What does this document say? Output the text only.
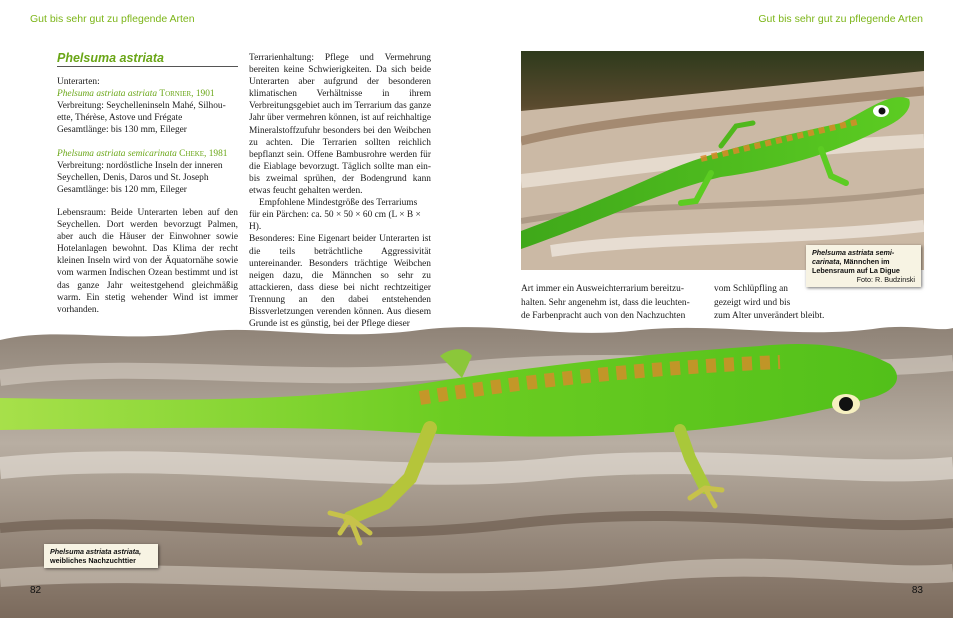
Gut bis sehr gut zu pflegende Arten	Gut bis sehr gut zu pflegende Arten
Phelsuma astriata

Unterarten:

Phelsuma astriata astriata Tornier, 1901

Verbreitung: Seychelleninseln Mahé, Silhou-

ette, Thérèse, Astove und Frégate

Gesamtlänge: bis 130 mm, Eileger

Phelsuma astriata semicarinata Cheke, 1981

Verbreitung: nordöstliche Inseln der inneren

Seychellen, Denis, Daros und St. Joseph

Gesamtlänge: bis 120 mm, Eileger

Lebensraum: Beide Unterarten leben auf den Seychellen. Dort werden bevorzugt Palmen, aber auch die Häuser der Einwohner sowie Hotelanlagen bewohnt. Das Klima der recht kleinen Inseln wird von der Äquatornähe sowie vom warmen Indischen Ozean bestimmt und ist das ganze Jahr weitestgehend gleichmäßig warm. Ein stetig wehender Wind ist immer vorhanden.

Terrarienhaltung: Pflege und Vermehrung bereiten keine Schwierigkeiten. Da sich beide Unterarten aber aufgrund der besonderen klimatischen Verhältnisse in ihrem Verbreitungsgebiet auch im Terrarium das ganze Jahr über vermehren können, ist auf reichhaltige Mineralstoffzufuhr besonders bei den Weibchen zu achten. Die Terrarien sollten reichlich bepflanzt sein. Offene Bambusrohre werden für die Eiablage bevorzugt. Täglich sollte man ein- bis zweimal sprühen, der Bodengrund kann etwas feucht gehalten werden.

Empfohlene Mindestgröße des Terrariums

für ein Pärchen: ca. 50 × 50 × 60 cm (L × B × H).

Besonderes: Eine Eigenart beider Unterarten ist die teils beträchtliche Aggressivität untereinander. Besonders trächtige Weibchen neigen dazu, die Männchen so sehr zu attackieren, dass diese bei nicht rechtzeitiger Trennung an den dabei entstehenden Bissverletzungen verenden können. Aus diesem Grunde ist es günstig, bei der Pflege dieser

Phelsuma astriata semi-
carinata, Männchen im
Lebensraum auf La Digue
Foto: R. Budzinski

Art immer ein Ausweichterrarium bereitzu-

halten. Sehr angenehm ist, dass die leuchten-

de Farbenpracht auch von den Nachzuchten

vom Schlüpfling an

gezeigt wird und bis

zum Alter unverändert bleibt.

Phelsuma astriata astriata,
weibliches Nachzuchttier
82	83
